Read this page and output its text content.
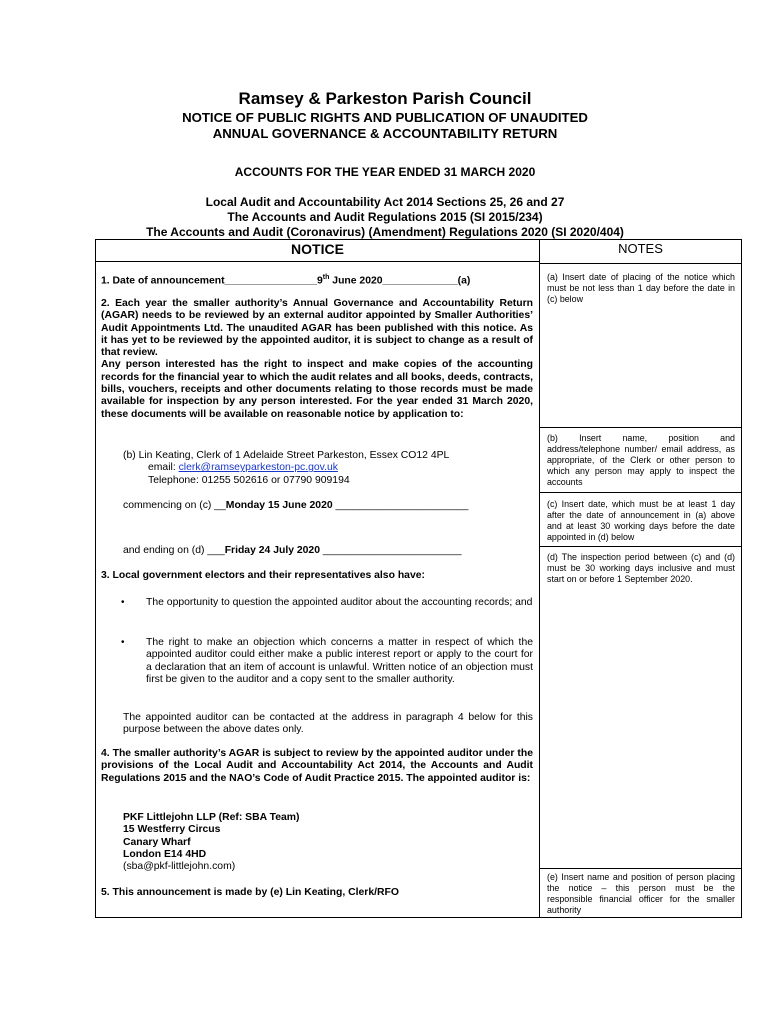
Ramsey & Parkeston Parish Council
NOTICE OF PUBLIC RIGHTS AND PUBLICATION OF UNAUDITED ANNUAL GOVERNANCE & ACCOUNTABILITY RETURN
ACCOUNTS FOR THE YEAR ENDED 31 MARCH 2020
Local Audit and Accountability Act 2014 Sections 25, 26 and 27
The Accounts and Audit Regulations 2015 (SI 2015/234)
The Accounts and Audit (Coronavirus) (Amendment) Regulations 2020 (SI 2020/404)
NOTICE	NOTES
1. Date of announcement________________9th June 2020_____________(a)
2. Each year the smaller authority’s Annual Governance and Accountability Return (AGAR) needs to be reviewed by an external auditor appointed by Smaller Authorities’ Audit Appointments Ltd. The unaudited AGAR has been published with this notice. As it has yet to be reviewed by the appointed auditor, it is subject to change as a result of that review.
Any person interested has the right to inspect and make copies of the accounting records for the financial year to which the audit relates and all books, deeds, contracts, bills, vouchers, receipts and other documents relating to those records must be made available for inspection by any person interested. For the year ended 31 March 2020, these documents will be available on reasonable notice by application to:
(b) Lin Keating, Clerk of 1 Adelaide Street Parkeston, Essex CO12 4PL
email: clerk@ramseyparkeston-pc.gov.uk
Telephone: 01255 502616 or 07790 909194
commencing on (c) __Monday 15 June 2020 _______________________
and ending on (d) ___Friday 24 July 2020 ________________________
3. Local government electors and their representatives also have:
• The opportunity to question the appointed auditor about the accounting records; and
• The right to make an objection which concerns a matter in respect of which the appointed auditor could either make a public interest report or apply to the court for a declaration that an item of account is unlawful. Written notice of an objection must first be given to the auditor and a copy sent to the smaller authority.
The appointed auditor can be contacted at the address in paragraph 4 below for this purpose between the above dates only.
4. The smaller authority’s AGAR is subject to review by the appointed auditor under the provisions of the Local Audit and Accountability Act 2014, the Accounts and Audit Regulations 2015 and the NAO’s Code of Audit Practice 2015. The appointed auditor is:
PKF Littlejohn LLP (Ref: SBA Team)
15 Westferry Circus
Canary Wharf
London E14 4HD
(sba@pkf-littlejohn.com)
5. This announcement is made by (e) Lin Keating, Clerk/RFO
(a) Insert date of placing of the notice which must be not less than 1 day before the date in (c) below
(b) Insert name, position and address/telephone number/ email address, as appropriate, of the Clerk or other person to which any person may apply to inspect the accounts
(c) Insert date, which must be at least 1 day after the date of announcement in (a) above and at least 30 working days before the date appointed in (d) below
(d) The inspection period between (c) and (d) must be 30 working days inclusive and must start on or before 1 September 2020.
(e) Insert name and position of person placing the notice – this person must be the responsible financial officer for the smaller authority
